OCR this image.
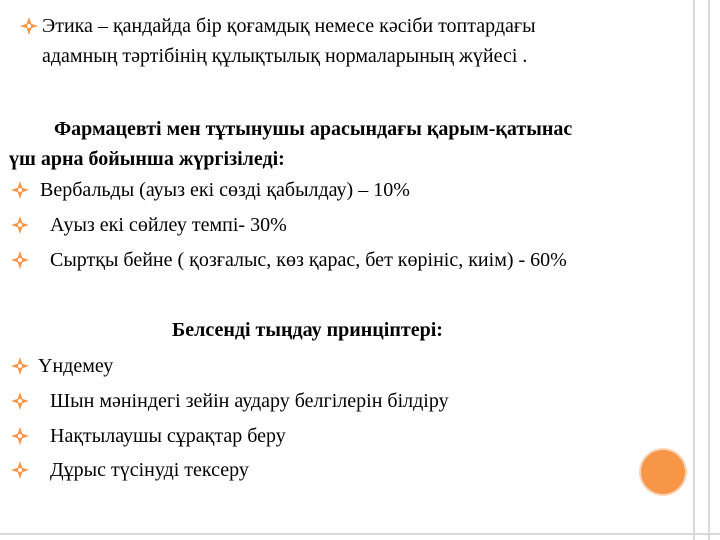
Этика – қандайда бір қоғамдық немесе кәсіби топтардағы
адамның тәртібінің құлықтылық нормаларының жүйесі .
Фармацевті мен тұтынушы арасындағы қарым-қатынас
үш арна бойынша жүргізіледі:
Вербальды (ауыз екі сөзді қабылдау) – 10%
Ауыз екі сөйлеу темпі- 30%
Сыртқы бейне ( қозғалыс, көз қарас, бет көрініс, киім) - 60%
Белсенді тыңдау принціптері:
Үндемеу
Шын мәніндегі зейін аудару белгілерін білдіру
Нақтылаушы сұрақтар беру
Дұрыс түсінуді тексеру
